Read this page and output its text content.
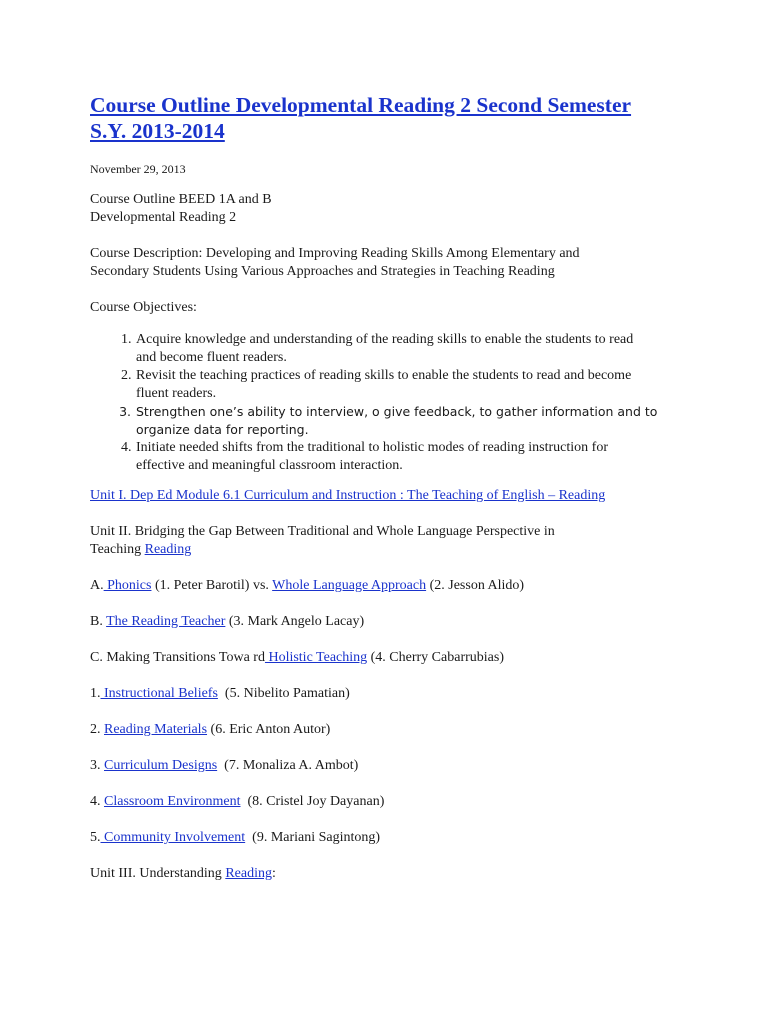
Course Outline Developmental Reading 2 Second Semester
S.Y. 2013-2014
November 29, 2013

Course Outline BEED 1A and B
Developmental Reading 2

Course Description: Developing and Improving Reading Skills Among Elementary and
Secondary Students Using Various Approaches and Strategies in Teaching Reading

Course Objectives:

1. Acquire knowledge and understanding of the reading skills to enable the students to read
and become fluent readers.
2. Revisit the teaching practices of reading skills to enable the students to read and become
fluent readers.
3. Strengthen one’s ability to interview, o give feedback, to gather information and to
organize data for reporting.
4. Initiate needed shifts from the traditional to holistic modes of reading instruction for
effective and meaningful classroom interaction.

Unit I. Dep Ed Module 6.1 Curriculum and Instruction : The Teaching of English – Reading

Unit II. Bridging the Gap Between Traditional and Whole Language Perspective in
Teaching Reading

A. Phonics (1. Peter Barotil) vs. Whole Language Approach (2. Jesson Alido)

B. The Reading Teacher (3. Mark Angelo Lacay)

C. Making Transitions Towa rd Holistic Teaching (4. Cherry Cabarrubias)

1. Instructional Beliefs  (5. Nibelito Pamatian)

2. Reading Materials (6. Eric Anton Autor)

3. Curriculum Designs  (7. Monaliza A. Ambot)

4. Classroom Environment  (8. Cristel Joy Dayanan)

5. Community Involvement  (9. Mariani Sagintong)

Unit III. Understanding Reading:
